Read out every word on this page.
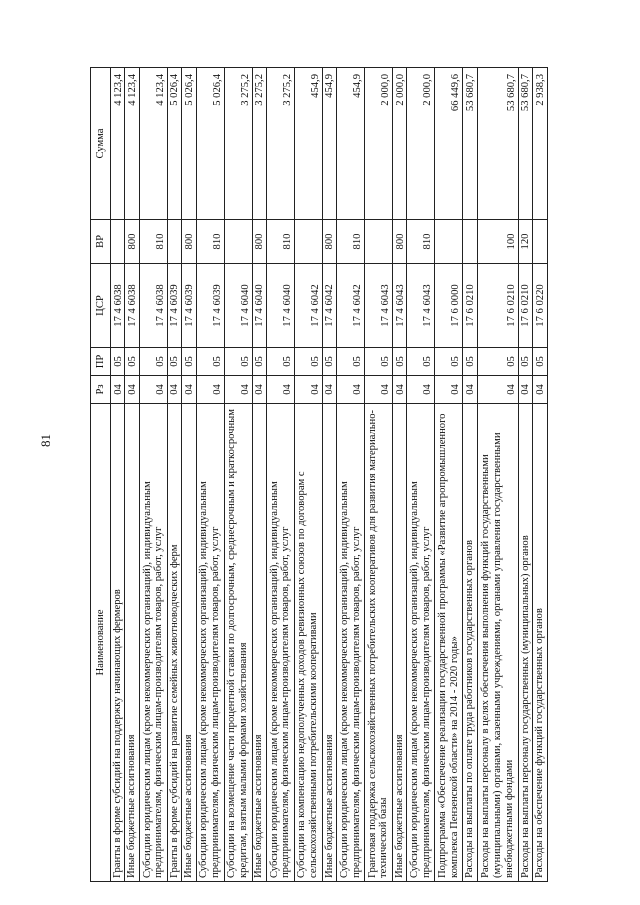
81
Наименование	Рз	ПР	ЦСР	ВР	Сумма
Гранты в форме субсидий на поддержку начинающих фермеров	04	05	17 4 6038		4 123,4
Иные бюджетные ассигнования	04	05	17 4 6038	800	4 123,4
Субсидии юридическим лицам (кроме некоммерческих организаций), индивидуальным предпринимателям, физическим лицам-производителям товаров, работ, услуг	04	05	17 4 6038	810	4 123,4
Гранты в форме субсидий на развитие семейных животноводческих ферм	04	05	17 4 6039		5 026,4
Иные бюджетные ассигнования	04	05	17 4 6039	800	5 026,4
Субсидии юридическим лицам (кроме некоммерческих организаций), индивидуальным предпринимателям, физическим лицам-производителям товаров, работ, услуг	04	05	17 4 6039	810	5 026,4
Субсидии на возмещение части процентной ставки по долгосрочным, среднесрочным и краткосрочным кредитам, взятым малыми формами хозяйствования	04	05	17 4 6040		3 275,2
Иные бюджетные ассигнования	04	05	17 4 6040	800	3 275,2
Субсидии юридическим лицам (кроме некоммерческих организаций), индивидуальным предпринимателям, физическим лицам-производителям товаров, работ, услуг	04	05	17 4 6040	810	3 275,2
Субсидии на компенсацию недополученных доходов ревизионных союзов по договорам с сельскохозяйственными потребительскими кооперативами	04	05	17 4 6042		454,9
Иные бюджетные ассигнования	04	05	17 4 6042	800	454,9
Субсидии юридическим лицам (кроме некоммерческих организаций), индивидуальным предпринимателям, физическим лицам-производителям товаров, работ, услуг	04	05	17 4 6042	810	454,9
Грантовая поддержка сельскохозяйственных потребительских кооперативов для развития материально-технической базы	04	05	17 4 6043		2 000,0
Иные бюджетные ассигнования	04	05	17 4 6043	800	2 000,0
Субсидии юридическим лицам (кроме некоммерческих организаций), индивидуальным предпринимателям, физическим лицам-производителям товаров, работ, услуг	04	05	17 4 6043	810	2 000,0
Подпрограмма «Обеспечение реализации государственной программы «Развитие агропромышленного комплекса Пензенской области» на 2014 - 2020 годы»	04	05	17 6 0000		66 449,6
Расходы на выплаты по оплате труда работников государственных органов	04	05	17 6 0210		53 680,7
Расходы на выплаты персоналу в целях обеспечения выполнения функций государственными (муниципальными) органами, казенными учреждениями, органами управления государственными внебюджетными фондами	04	05	17 6 0210	100	53 680,7
Расходы на выплаты персоналу государственных (муниципальных) органов	04	05	17 6 0210	120	53 680,7
Расходы на обеспечение функций государственных органов	04	05	17 6 0220		2 938,3
